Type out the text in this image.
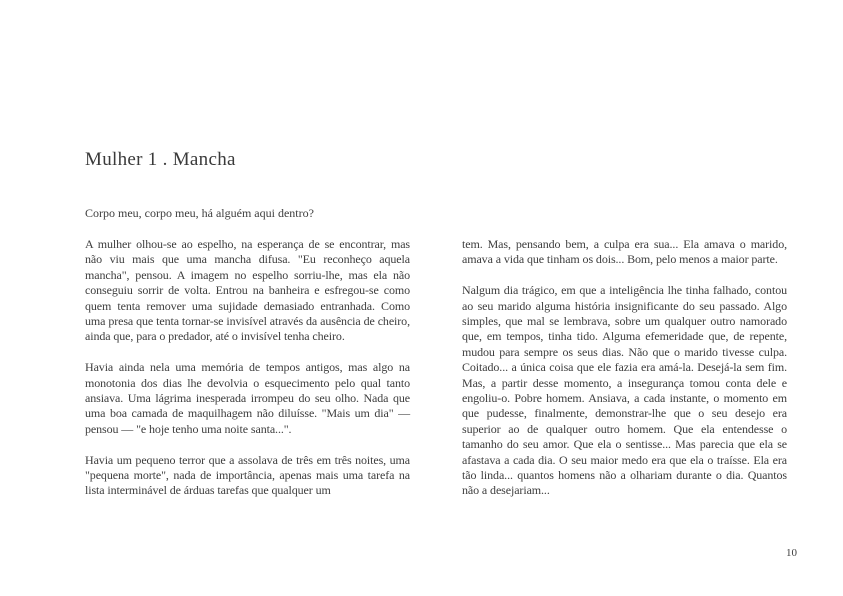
Mulher 1 . Mancha

Corpo meu, corpo meu, há alguém aqui dentro?

A mulher olhou-se ao espelho, na esperança de se encontrar, mas não viu mais que uma mancha difusa. "Eu reconheço aquela mancha", pensou. A imagem no espelho sorriu-lhe, mas ela não conseguiu sorrir de volta. Entrou na banheira e esfregou-se como quem tenta remover uma sujidade demasiado entranhada. Como uma presa que tenta tornar-se invisível através da ausência de cheiro, ainda que, para o predador, até o invisível tenha cheiro.

Havia ainda nela uma memória de tempos antigos, mas algo na monotonia dos dias lhe devolvia o esquecimento pelo qual tanto ansiava. Uma lágrima inesperada irrompeu do seu olho. Nada que uma boa camada de maquilhagem não diluísse. "Mais um dia" — pensou — "e hoje tenho uma noite santa...".

Havia um pequeno terror que a assolava de três em três noites, uma "pequena morte", nada de importância, apenas mais uma tarefa na lista interminável de árduas tarefas que qualquer um

tem. Mas, pensando bem, a culpa era sua... Ela amava o marido, amava a vida que tinham os dois... Bom, pelo menos a maior parte.

Nalgum dia trágico, em que a inteligência lhe tinha falhado, contou ao seu marido alguma história insignificante do seu passado. Algo simples, que mal se lembrava, sobre um qualquer outro namorado que, em tempos, tinha tido. Alguma efemeridade que, de repente, mudou para sempre os seus dias. Não que o marido tivesse culpa. Coitado... a única coisa que ele fazia era amá-la. Desejá-la sem fim. Mas, a partir desse momento, a insegurança tomou conta dele e engoliu-o. Pobre homem. Ansiava, a cada instante, o momento em que pudesse, finalmente, demonstrar-lhe que o seu desejo era superior ao de qualquer outro homem. Que ela entendesse o tamanho do seu amor. Que ela o sentisse... Mas parecia que ela se afastava a cada dia. O seu maior medo era que ela o traísse. Ela era tão linda... quantos homens não a olhariam durante o dia. Quantos não a desejariam...

10
